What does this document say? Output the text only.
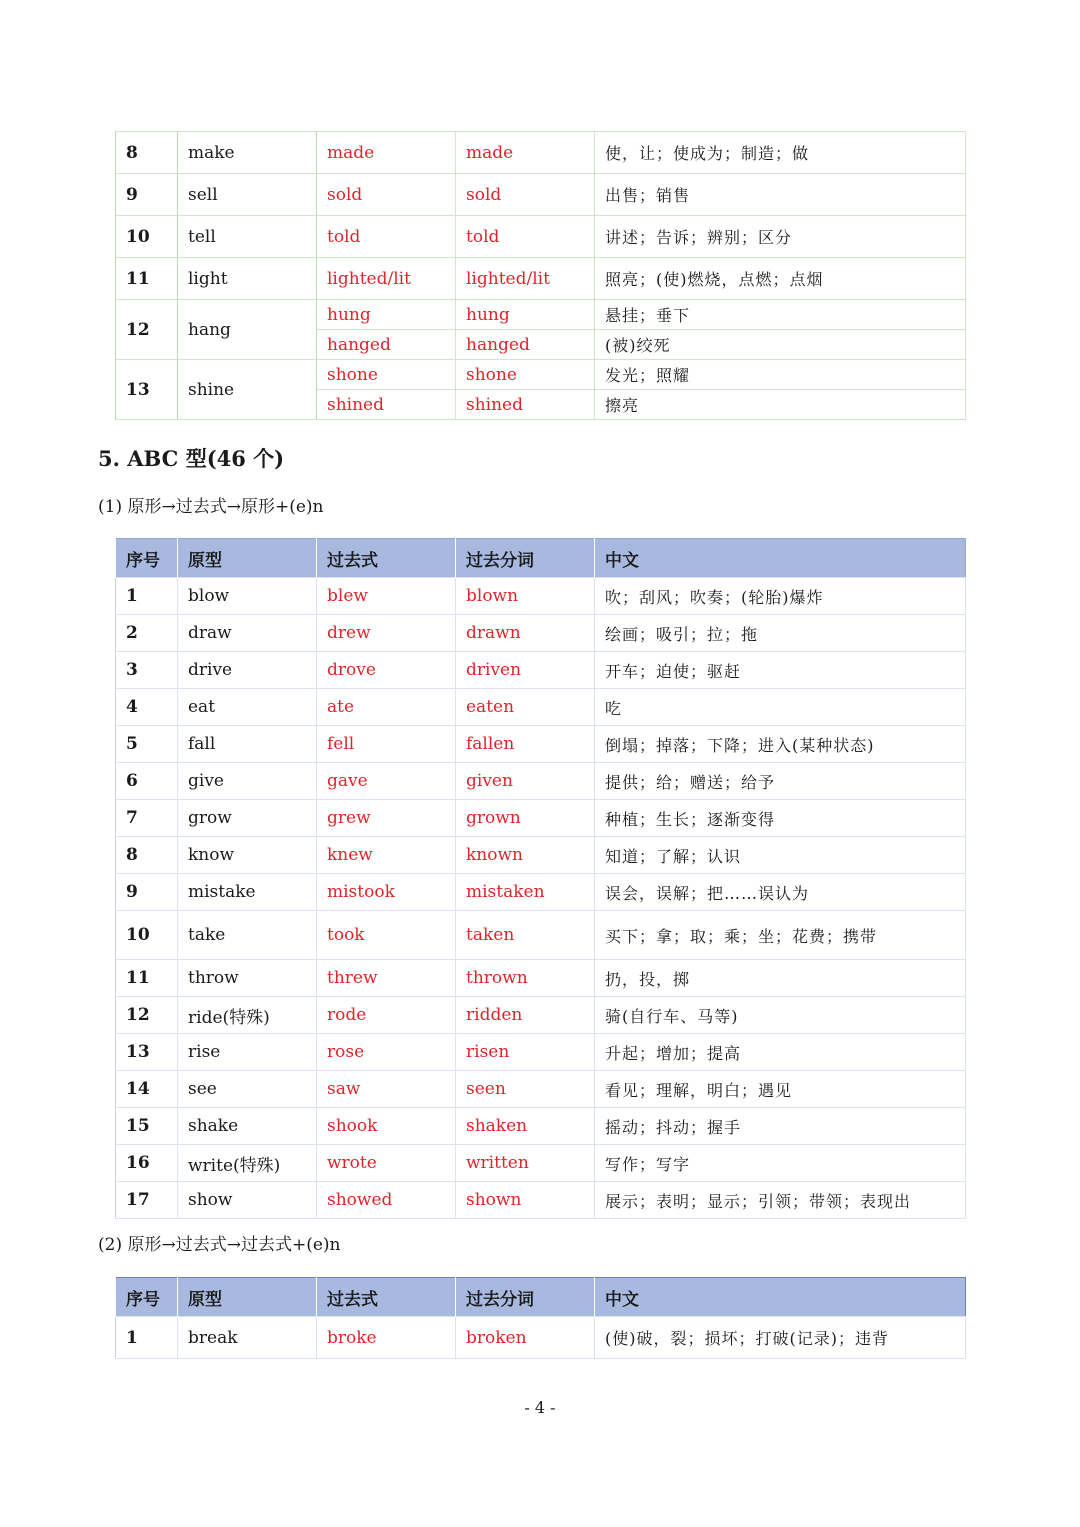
8	make	made	made	使，让；使成为；制造；做
9	sell	sold	sold	出售；销售
10	tell	told	told	讲述；告诉；辨别；区分
11	light	lighted/lit	lighted/lit	照亮；(使)燃烧，点燃；点烟
12	hang	hung	hung	悬挂；垂下
		hanged	hanged	(被)绞死
13	shine	shone	shone	发光；照耀
		shined	shined	擦亮
5. ABC 型(46 个)

(1) 原形→过去式→原形+(e)n

序号	原型	过去式	过去分词	中文
1	blow	blew	blown	吹；刮风；吹奏；(轮胎)爆炸
2	draw	drew	drawn	绘画；吸引；拉；拖
3	drive	drove	driven	开车；迫使；驱赶
4	eat	ate	eaten	吃
5	fall	fell	fallen	倒塌；掉落；下降；进入(某种状态)
6	give	gave	given	提供；给；赠送；给予
7	grow	grew	grown	种植；生长；逐渐变得
8	know	knew	known	知道；了解；认识
9	mistake	mistook	mistaken	误会，误解；把……误认为
10	take	took	taken	买下；拿；取；乘；坐；花费；携带
11	throw	threw	thrown	扔，投，掷
12	ride(特殊)	rode	ridden	骑(自行车、马等)
13	rise	rose	risen	升起；增加；提高
14	see	saw	seen	看见；理解，明白；遇见
15	shake	shook	shaken	摇动；抖动；握手
16	write(特殊)	wrote	written	写作；写字
17	show	showed	shown	展示；表明；显示；引领；带领；表现出

(2) 原形→过去式→过去式+(e)n

序号	原型	过去式	过去分词	中文
1	break	broke	broken	(使)破，裂；损坏；打破(记录)；违背
- 4 -
